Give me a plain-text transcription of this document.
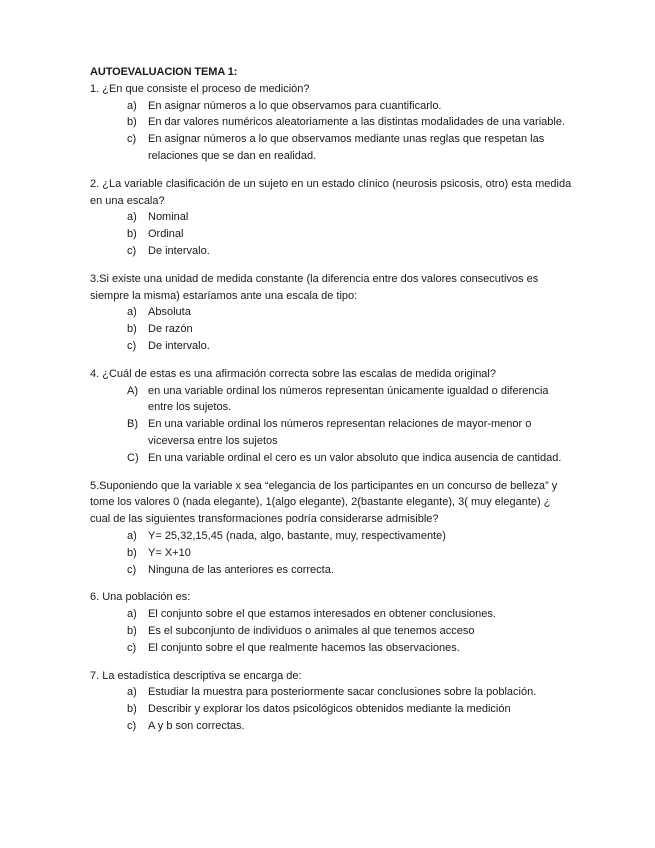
AUTOEVALUACION TEMA 1:
1. ¿En que consiste el proceso de medición?
a)	En asignar números a lo que observamos para cuantificarlo.
b)	En dar valores numéricos aleatoriamente a las distintas modalidades de una variable.
c)	En asignar números a lo que observamos mediante unas reglas que respetan las relaciones que se dan en realidad.
2. ¿La variable clasificación de un sujeto en un estado clínico (neurosis psicosis, otro) esta medida en una escala?
a)	Nominal
b)	Ordinal
c)	De intervalo.
3.Si existe una unidad de medida constante (la diferencia entre dos valores consecutivos es siempre la misma) estaríamos ante una escala de tipo:
a)	Absoluta
b)	De razón
c)	De intervalo.
4. ¿Cuál de estas es una afirmación correcta sobre las escalas de medida original?
A) en una variable ordinal los números representan únicamente igualdad o diferencia entre los sujetos.
B) En una variable ordinal los números representan relaciones de mayor-menor o viceversa entre los sujetos
C) En una variable ordinal el cero es un valor absoluto que indica ausencia de cantidad.
5.Suponiendo que la variable x sea “elegancia de los participantes en un concurso de belleza” y tome los valores 0 (nada elegante), 1(algo elegante), 2(bastante elegante), 3( muy elegante) ¿ cual de las siguientes transformaciones podría considerarse admisible?
a)	Y= 25,32,15,45 (nada, algo, bastante, muy, respectivamente)
b)	Y= X+10
c)	Ninguna de las anteriores es correcta.
6. Una población es:
a)	El conjunto sobre el que estamos interesados en obtener conclusiones.
b)	Es el subconjunto de individuos o animales al que tenemos acceso
c)	El conjunto sobre el que realmente hacemos las observaciones.
7. La estadística descriptiva se encarga de:
a)	Estudiar la muestra para posteriormente sacar conclusiones sobre la población.
b)	Describir y explorar los datos psicológicos obtenidos mediante la medición
c)	A y b son correctas.
